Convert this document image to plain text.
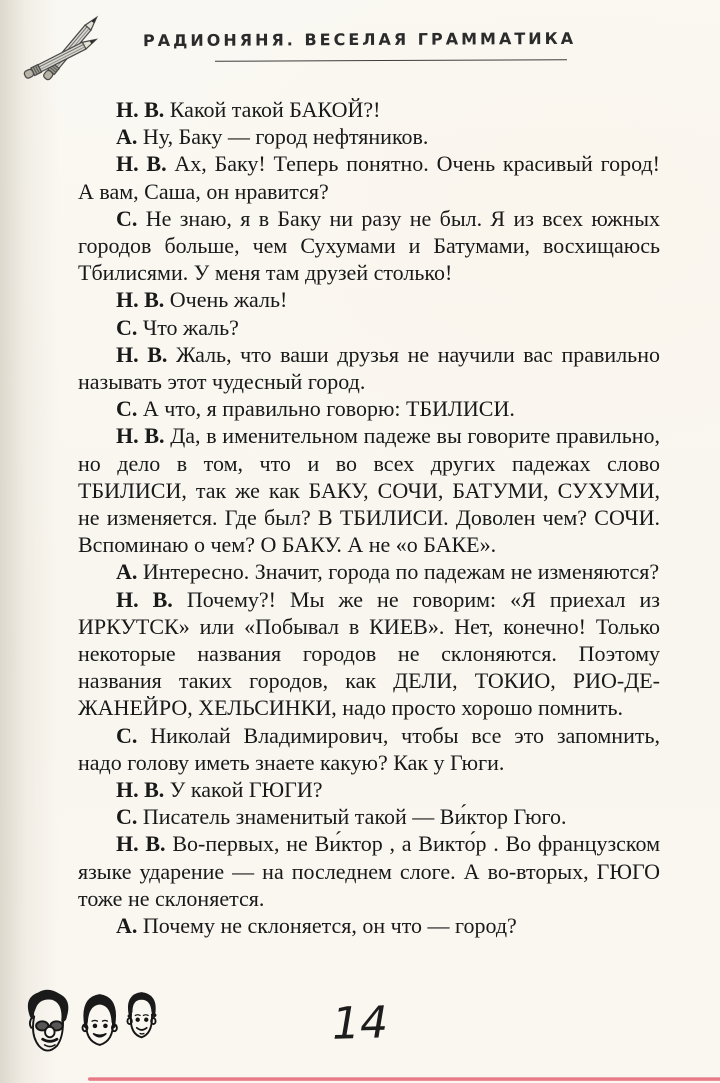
РАДИОНЯНЯ. ВЕСЕЛАЯ ГРАММАТИКА

Н. В. Какой такой БАКОЙ?!

А. Ну, Баку — город нефтяников.

Н. В. Ах, Баку! Теперь понятно. Очень красивый город! А вам, Саша, он нравится?

С. Не знаю, я в Баку ни разу не был. Я из всех южных городов больше, чем Сухумами и Батумами, восхищаюсь Тбилисями. У меня там друзей столько!

Н. В. Очень жаль!

С. Что жаль?

Н. В. Жаль, что ваши друзья не научили вас правильно называть этот чудесный город.

С. А что, я правильно говорю: ТБИЛИСИ.

Н. В. Да, в именительном падеже вы говорите правильно, но дело в том, что и во всех других падежах слово ТБИЛИСИ, так же как БАКУ, СОЧИ, БАТУМИ, СУХУМИ, не изменяется. Где был? В ТБИЛИСИ. Доволен чем? СОЧИ. Вспоминаю о чем? О БАКУ. А не «о БАКЕ».

А. Интересно. Значит, города по падежам не изменяются?

Н. В. Почему?! Мы же не говорим: «Я приехал из ИРКУТСК» или «Побывал в КИЕВ». Нет, конечно! Только некоторые названия городов не склоняются. Поэтому названия таких городов, как ДЕЛИ, ТОКИО, РИО-ДЕ-ЖАНЕЙРО, ХЕЛЬСИНКИ, надо просто хорошо помнить.

С. Николай Владимирович, чтобы все это запомнить, надо голову иметь знаете какую? Как у Гюги.

Н. В. У какой ГЮГИ?

С. Писатель знаменитый такой — Ви́ктор Гюго.

Н. В. Во-первых, не Ви́ктор , а Викто́р . Во французском языке ударение — на последнем слоге. А во-вторых, ГЮГО тоже не склоняется.

А. Почему не склоняется, он что — город?

14
